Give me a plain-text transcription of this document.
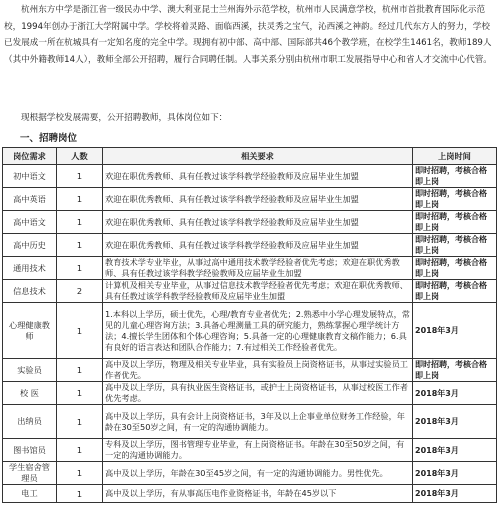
杭州东方中学是浙江省一级民办中学、澳大利亚昆士兰州海外示范学校，杭州市人民满意学校，杭州市首批教育国际化示范校，1994年创办于浙江大学附属中学。学校将着灵路、面临西溪，扶灵秀之宝气，沁西溪之神韵。经过几代东方人的努力，学校已发展成一所在杭城具有一定知名度的完全中学。现拥有初中部、高中部、国际部共46个教学班，在校学生1461名，教师189人（其中外籍教师14人），教师全部公开招聘，履行合同聘任制。人事关系分别由杭州市职工发展指导中心和省人才交流中心代管。

现根据学校发展需要，公开招聘教师，具体岗位如下：

一、招聘岗位

岗位需求	人数	相关要求	上岗时间
初中语文	1	欢迎在职优秀教师、具有任教过该学科教学经验教师及应届毕业生加盟	即时招聘，考核合格即上岗
高中英语	1	欢迎在职优秀教师、具有任教过该学科教学经验教师及应届毕业生加盟	即时招聘，考核合格即上岗
高中语文	1	欢迎在职优秀教师、具有任教过该学科教学经验教师及应届毕业生加盟	即时招聘，考核合格即上岗
高中历史	1	欢迎在职优秀教师、具有任教过该学科教学经验教师及应届毕业生加盟	即时招聘，考核合格即上岗
通用技术	1	教育技术学专业毕业，从事过高中通用技术教学经验者优先考虑；欢迎在职优秀教师、具有任教过该学科教学经验教师及应届毕业生加盟	即时招聘，考核合格即上岗
信息技术	2	计算机及相关专业毕业，从事过信息技术教学经验者优先考虑；欢迎在职优秀教师、具有任教过该学科教学经验教师及应届毕业生加盟	即时招聘，考核合格即上岗
心理健康教师	1	1.本科以上学历，硕士优先，心理/教育专业者优先；2.熟悉中小学心理发展特点，常见的儿童心理咨询方法；3.具备心理测量工具的研究能力，熟练掌握心理学统计方法；4.擅长学生团体和个体心理咨询；5.具备一定的心理健康教育文稿作能力；6.具有良好的语言表达和团队合作能力；7.有过相关工作经验者优先。	2018年3月
实验员	1	高中及以上学历，物理及相关专业毕业，具有实验员上岗资格证书，从事过实验员工作者优先。	即时招聘，考核合格即上岗
校 医	1	高中及以上学历，具有执业医生资格证书，或护士上岗资格证书，从事过校医工作者优先考虑。	2018年3月
出纳员	1	高中及以上学历，具有会计上岗资格证书，3年及以上企事业单位财务工作经验，年龄在30至50岁之间，有一定的沟通协调能力。	2018年3月
图书馆员	1	专科及以上学历，图书管理专业毕业，有上岗资格证书。年龄在30至50岁之间，有一定的沟通协调能力。	2018年3月
学生宿舍管理员	1	高中及以上学历，年龄在30至45岁之间，有一定的沟通协调能力。男性优先。	2018年3月
电工	1	高中及以上学历，有从事高压电作业资格证书，年龄在45岁以下	2018年3月
